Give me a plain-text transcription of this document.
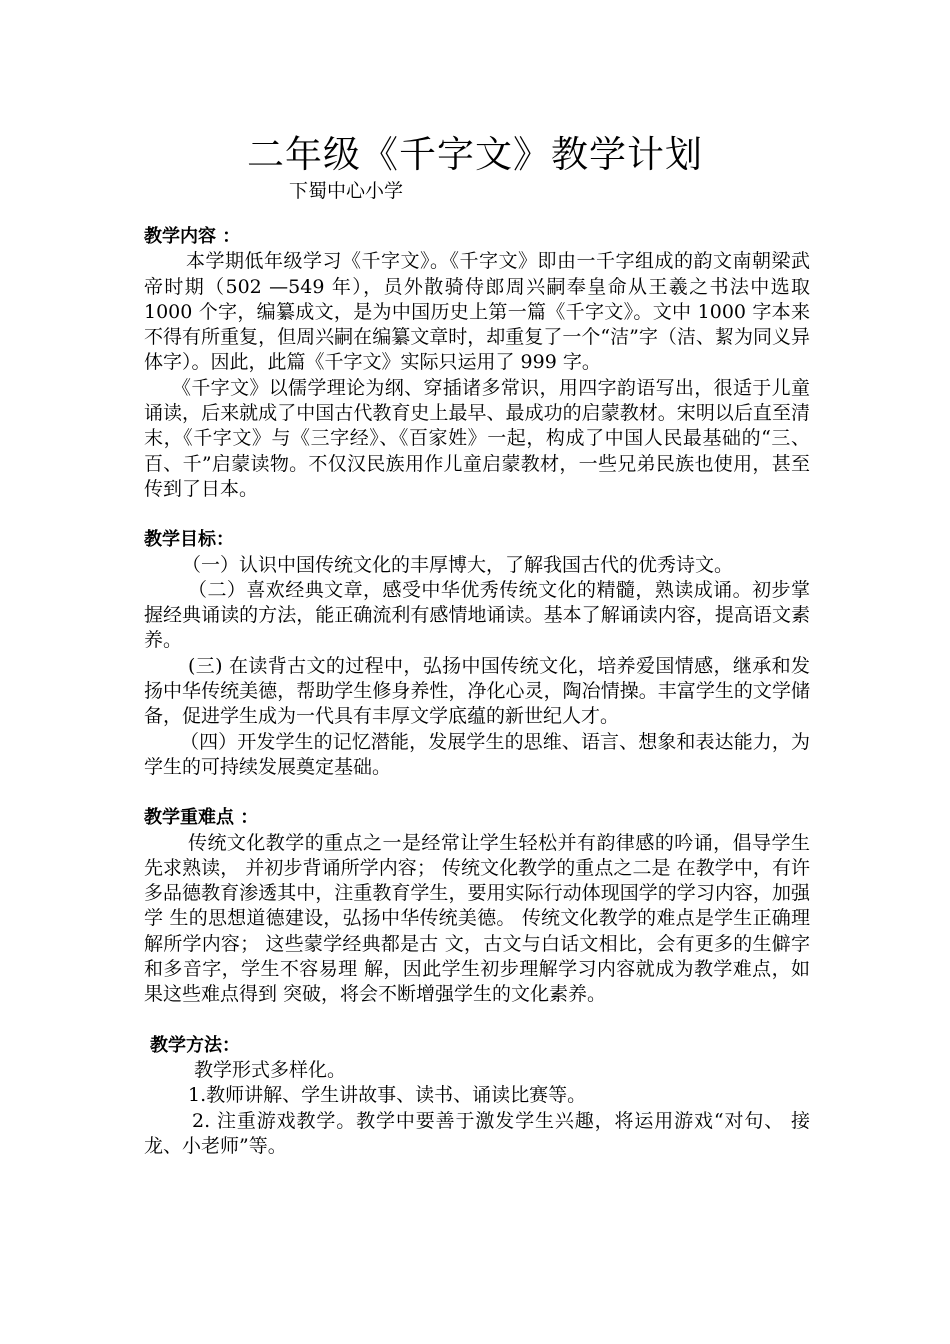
二年级《千字文》教学计划
下蜀中心小学
教学内容 ：

本学期低年级学习《千字文》。《千字文》即由一千字组成的韵文南朝梁武帝时期（502 —549 年），员外散骑侍郎周兴嗣奉皇命从王羲之书法中选取 1000 个字，编纂成文，是为中国历史上第一篇《千字文》。文中 1000 字本来不得有所重复，但周兴嗣在编纂文章时，却重复了一个“洁”字（洁、絜为同义异体字）。因此，此篇《千字文》实际只运用了 999 字。

《千字文》以儒学理论为纲、穿插诸多常识，用四字韵语写出，很适于儿童诵读，后来就成了中国古代教育史上最早、最成功的启蒙教材。宋明以后直至清末，《千字文》与《三字经》、《百家姓》一起，构成了中国人民最基础的“三、百、千”启蒙读物。不仅汉民族用作儿童启蒙教材，一些兄弟民族也使用，甚至传到了日本。

教学目标：

（一）认识中国传统文化的丰厚博大，了解我国古代的优秀诗文。

（二）喜欢经典文章，感受中华优秀传统文化的精髓，熟读成诵。初步掌握经典诵读的方法，能正确流利有感情地诵读。基本了解诵读内容，提高语文素养。

(三) 在读背古文的过程中，弘扬中国传统文化，培养爱国情感，继承和发扬中华传统美德，帮助学生修身养性，净化心灵，陶冶情操。丰富学生的文学储备，促进学生成为一代具有丰厚文学底蕴的新世纪人才。

（四）开发学生的记忆潜能，发展学生的思维、语言、想象和表达能力，为学生的可持续发展奠定基础。

教学重难点 ：

传统文化教学的重点之一是经常让学生轻松并有韵律感的吟诵，倡导学生先求熟读， 并初步背诵所学内容； 传统文化教学的重点之二是 在教学中，有许多品德教育渗透其中，注重教育学生，要用实际行动体现国学的学习内容，加强学 生的思想道德建设，弘扬中华传统美德。 传统文化教学的难点是学生正确理解所学内容； 这些蒙学经典都是古 文，古文与白话文相比，会有更多的生僻字和多音字，学生不容易理 解，因此学生初步理解学习内容就成为教学难点，如果这些难点得到 突破，将会不断增强学生的文化素养。

教学方法：

教学形式多样化。

1.教师讲解、学生讲故事、读书、诵读比赛等。

2. 注重游戏教学。教学中要善于激发学生兴趣，将运用游戏“对句、 接龙、小老师”等。
